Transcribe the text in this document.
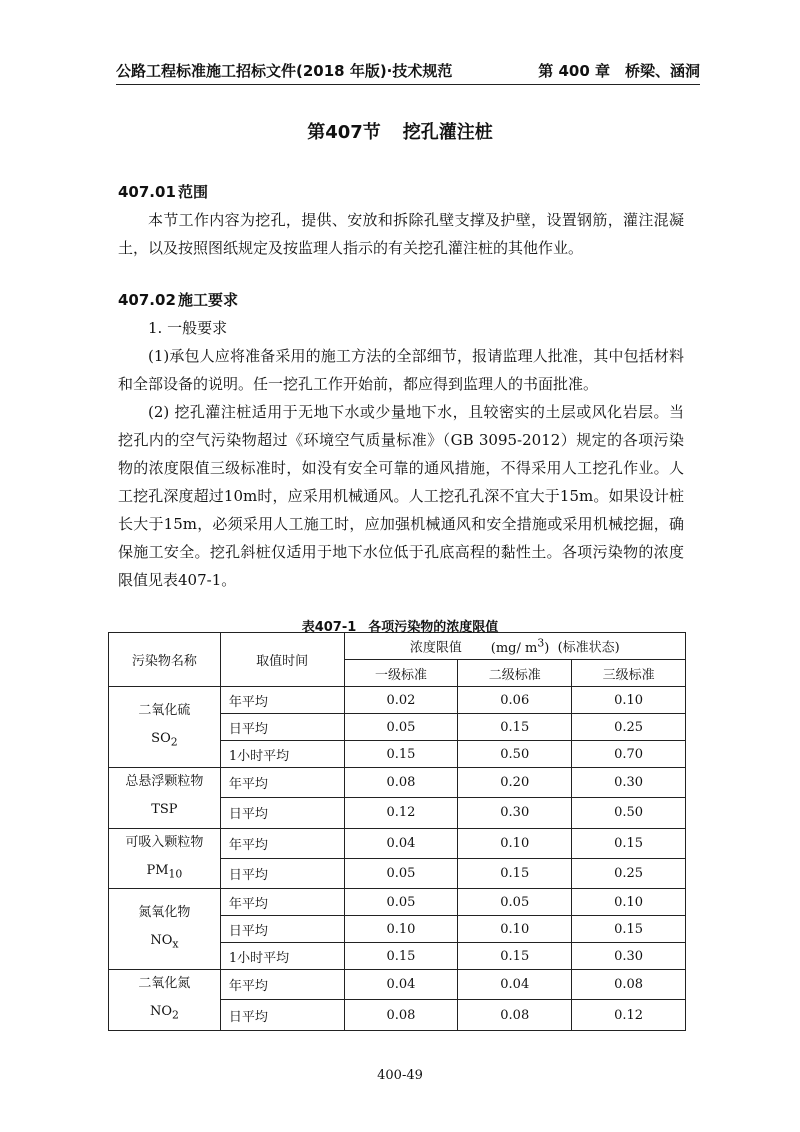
公路工程标准施工招标文件(2018 年版)·技术规范	第 400 章　桥梁、涵洞
第407节 挖孔灌注桩
407.01 范围

本节工作内容为挖孔，提供、安放和拆除孔壁支撑及护壁，设置钢筋，灌注混凝土，以及按照图纸规定及按监理人指示的有关挖孔灌注桩的其他作业。

407.02 施工要求

1. 一般要求

(1)承包人应将准备采用的施工方法的全部细节，报请监理人批准，其中包括材料和全部设备的说明。任一挖孔工作开始前，都应得到监理人的书面批准。

(2) 挖孔灌注桩适用于无地下水或少量地下水，且较密实的土层或风化岩层。当挖孔内的空气污染物超过《环境空气质量标准》（GB 3095-2012）规定的各项污染物的浓度限值三级标准时，如没有安全可靠的通风措施，不得采用人工挖孔作业。人工挖孔深度超过10m时，应采用机械通风。人工挖孔孔深不宜大于15m。如果设计桩长大于15m，必须采用人工施工时，应加强机械通风和安全措施或采用机械挖掘，确保施工安全。挖孔斜桩仅适用于地下水位低于孔底高程的黏性土。各项污染物的浓度限值见表407-1。

表407-1 各项污染物的浓度限值
污染物名称	取值时间	浓度限值 (mg/ $m^3$) (标准状态)		
		一级标准	二级标准	三级标准

二氧化硫
$SO_2$	年平均	0.02	0.06	0.10
	日平均	0.05	0.15	0.25
	1小时平均	0.15	0.50	0.70

总悬浮颗粒物
TSP	年平均	0.08	0.20	0.30
	日平均	0.12	0.30	0.50

可吸入颗粒物
$PM_{10}$	年平均	0.04	0.10	0.15
	日平均	0.05	0.15	0.25

氮氧化物
$NO_x$	年平均	0.05	0.05	0.10
	日平均	0.10	0.10	0.15
	1小时平均	0.15	0.15	0.30

二氧化氮
$NO_2$	年平均	0.04	0.04	0.08
	日平均	0.08	0.08	0.12
400-49
